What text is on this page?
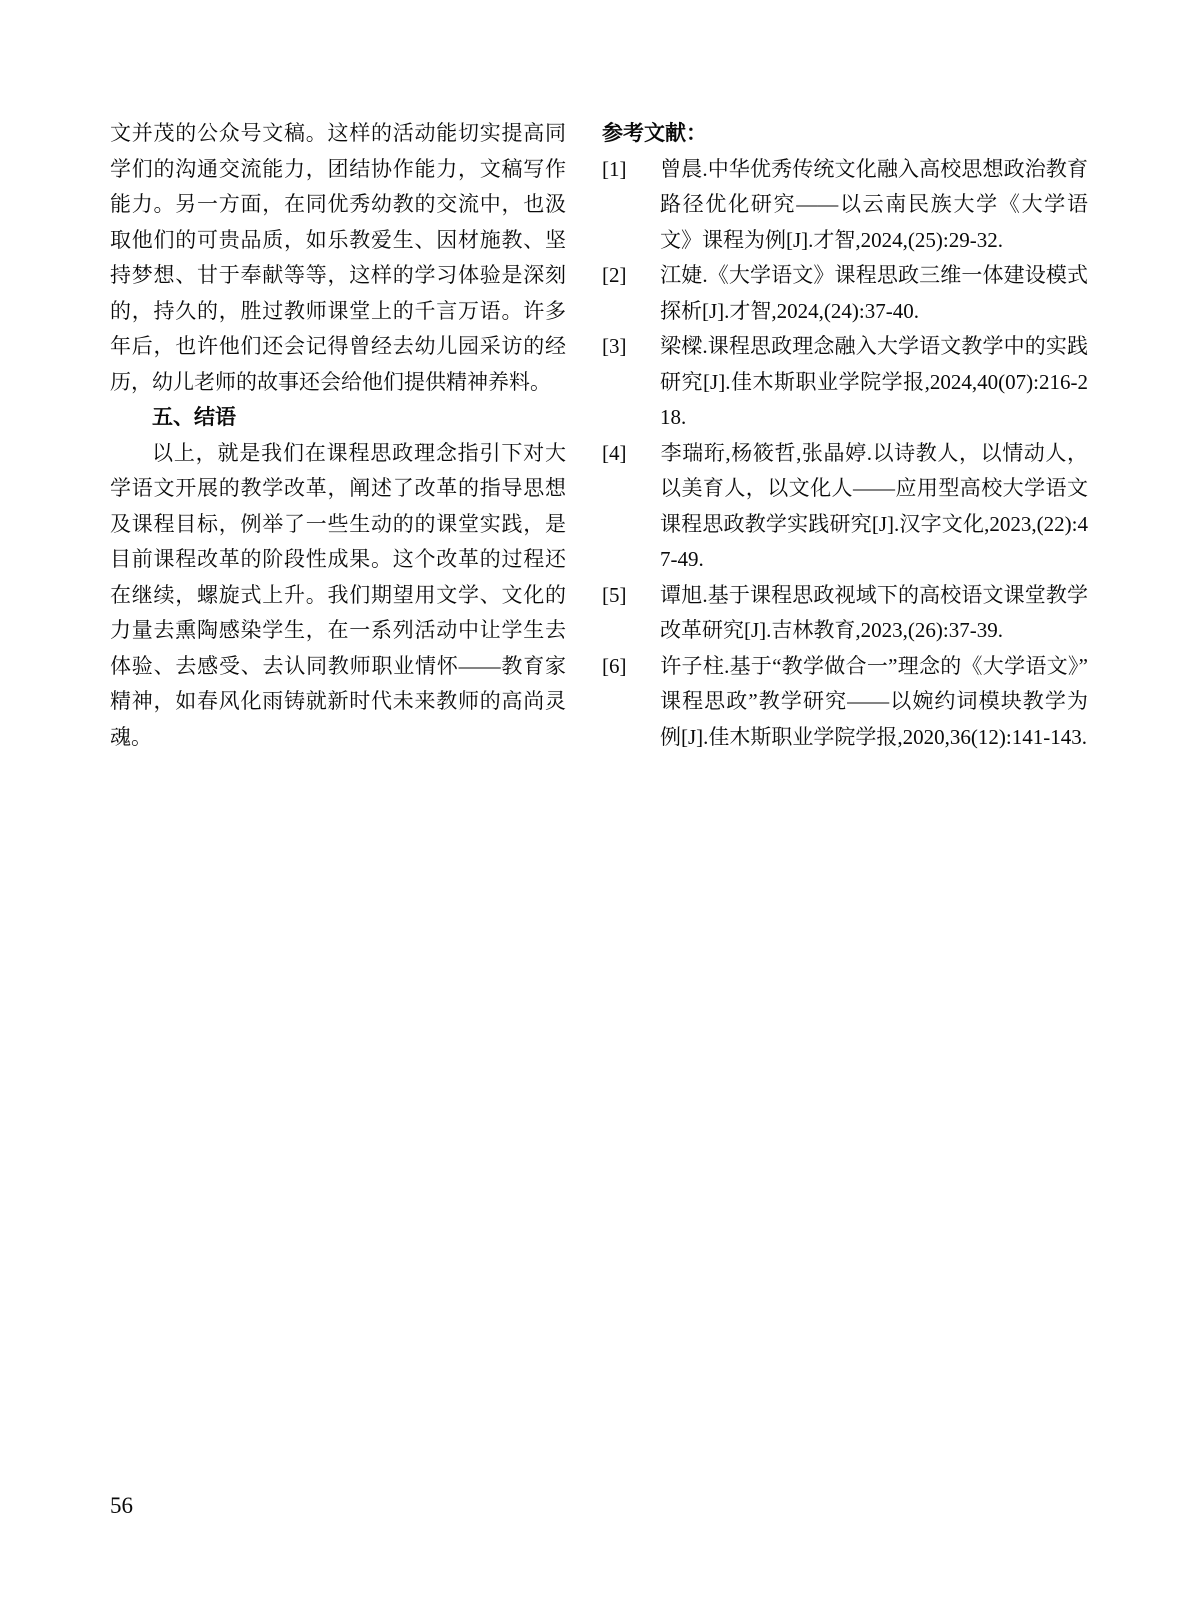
文并茂的公众号文稿。这样的活动能切实提高同学们的沟通交流能力，团结协作能力，文稿写作能力。另一方面，在同优秀幼教的交流中，也汲取他们的可贵品质，如乐教爱生、因材施教、坚持梦想、甘于奉献等等，这样的学习体验是深刻的，持久的，胜过教师课堂上的千言万语。许多年后，也许他们还会记得曾经去幼儿园采访的经历，幼儿老师的故事还会给他们提供精神养料。

五、结语

以上，就是我们在课程思政理念指引下对大学语文开展的教学改革，阐述了改革的指导思想及课程目标，例举了一些生动的的课堂实践，是目前课程改革的阶段性成果。这个改革的过程还在继续，螺旋式上升。我们期望用文学、文化的力量去熏陶感染学生，在一系列活动中让学生去体验、去感受、去认同教师职业情怀——教育家精神，如春风化雨铸就新时代未来教师的高尚灵魂。

参考文献：

[1] 曾晨.中华优秀传统文化融入高校思想政治教育路径优化研究——以云南民族大学《大学语文》课程为例[J].才智,2024,(25):29-32.

[2] 江婕.《大学语文》课程思政三维一体建设模式探析[J].才智,2024,(24):37-40.

[3] 梁樑.课程思政理念融入大学语文教学中的实践研究[J].佳木斯职业学院学报,2024,40(07):216-218.

[4] 李瑞珩,杨筱哲,张晶婷.以诗教人，以情动人，以美育人，以文化人——应用型高校大学语文课程思政教学实践研究[J].汉字文化,2023,(22):47-49.

[5] 谭旭.基于课程思政视域下的高校语文课堂教学改革研究[J].吉林教育,2023,(26):37-39.

[6] 许子柱.基于“教学做合一”理念的《大学语文》”课程思政”教学研究——以婉约词模块教学为例[J].佳木斯职业学院学报,2020,36(12):141-143.

56
